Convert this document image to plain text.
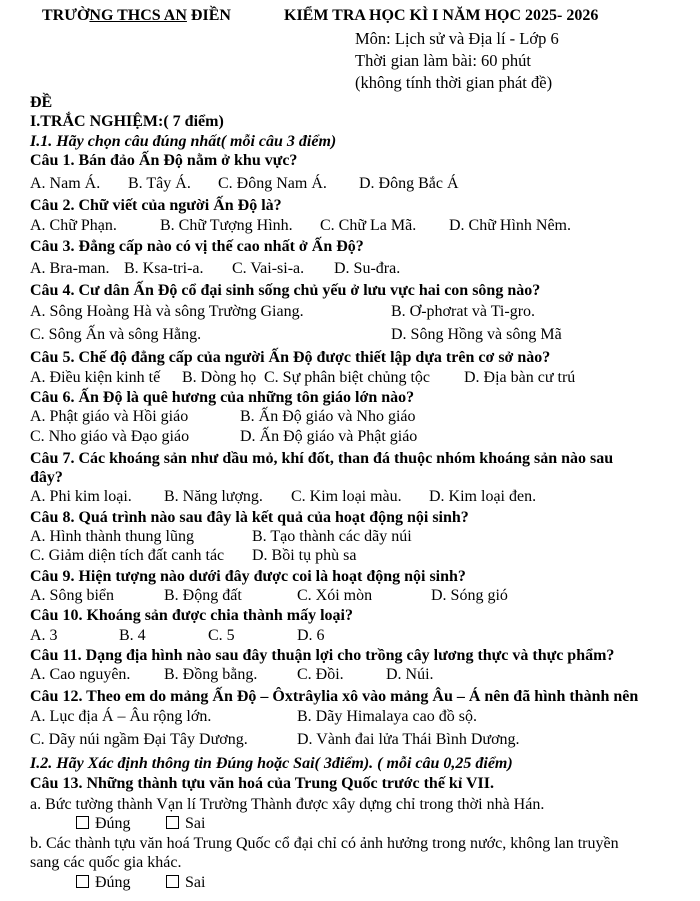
TRƯỜNG THCS AN ĐIỀN	KIỂM TRA HỌC KÌ I NĂM HỌC 2025- 2026
Môn: Lịch sử và Địa lí - Lớp 6
Thời gian làm bài: 60 phút
(không tính thời gian phát đề)
ĐỀ
I.TRẮC NGHIỆM:( 7 điểm)
I.1. Hãy chọn câu đúng nhất( mỗi câu 3 điểm)
Câu 1. Bán đảo Ấn Độ nằm ở khu vực?
A. Nam Á. B. Tây Á. C. Đông Nam Á. D. Đông Bắc Á
Câu 2. Chữ viết của người Ấn Độ là?
A. Chữ Phạn.	B. Chữ Tượng Hình. C. Chữ La Mã. D. Chữ Hình Nêm.
Câu 3. Đẳng cấp nào có vị thế cao nhất ở Ấn Độ?
A. Bra-man. B. Ksa-tri-a. C. Vai-si-a. D. Su-đra.
Câu 4. Cư dân Ấn Độ cổ đại sinh sống chủ yếu ở lưu vực hai con sông nào?
A. Sông Hoàng Hà và sông Trường Giang.	B. Ơ-phơrat và Ti-gro.
C. Sông Ấn và sông Hằng.	D. Sông Hồng và sông Mã
Câu 5. Chế độ đẳng cấp của người Ấn Độ được thiết lập dựa trên cơ sở nào?
A. Điều kiện kinh tế B. Dòng họ C. Sự phân biệt chủng tộc D. Địa bàn cư trú
Câu 6. Ấn Độ là quê hương của những tôn giáo lớn nào?
A. Phật giáo và Hồi giáo	B. Ấn Độ giáo và Nho giáo
C. Nho giáo và Đạo giáo	D. Ấn Độ giáo và Phật giáo
Câu 7. Các khoáng sản như dầu mỏ, khí đốt, than đá thuộc nhóm khoáng sản nào sau
đây?
A. Phi kim loại. B. Năng lượng. C. Kim loại màu. D. Kim loại đen.
Câu 8. Quá trình nào sau đây là kết quả của hoạt động nội sinh?
A. Hình thành thung lũng	B. Tạo thành các dãy núi
C. Giảm diện tích đất canh tác D. Bồi tụ phù sa
Câu 9. Hiện tượng nào dưới đây được coi là hoạt động nội sinh?
A. Sông biển	B. Động đất	C. Xói mòn	D. Sóng gió
Câu 10. Khoáng sản được chia thành mấy loại?
A. 3	B. 4	C. 5	D. 6
Câu 11. Dạng địa hình nào sau đây thuận lợi cho trồng cây lương thực và thực phẩm?
A. Cao nguyên. B. Đồng bằng. C. Đồi.	D. Núi.
Câu 12. Theo em do mảng Ấn Độ – Ôxtrâylia xô vào mảng Âu – Á nên đã hình thành nên
A. Lục địa Á – Âu rộng lớn.	B. Dãy Himalaya cao đồ sộ.
C. Dãy núi ngầm Đại Tây Dương.	D. Vành đai lửa Thái Bình Dương.
I.2. Hãy Xác định thông tin Đúng hoặc Sai( 3điểm). ( mỗi câu 0,25 điểm)
Câu 13. Những thành tựu văn hoá của Trung Quốc trước thế kỉ VII.
a. Bức tường thành Vạn lí Trường Thành được xây dựng chỉ trong thời nhà Hán.
Đúng	Sai
b. Các thành tựu văn hoá Trung Quốc cổ đại chỉ có ảnh hưởng trong nước, không lan truyền
sang các quốc gia khác.
Đúng	Sai
